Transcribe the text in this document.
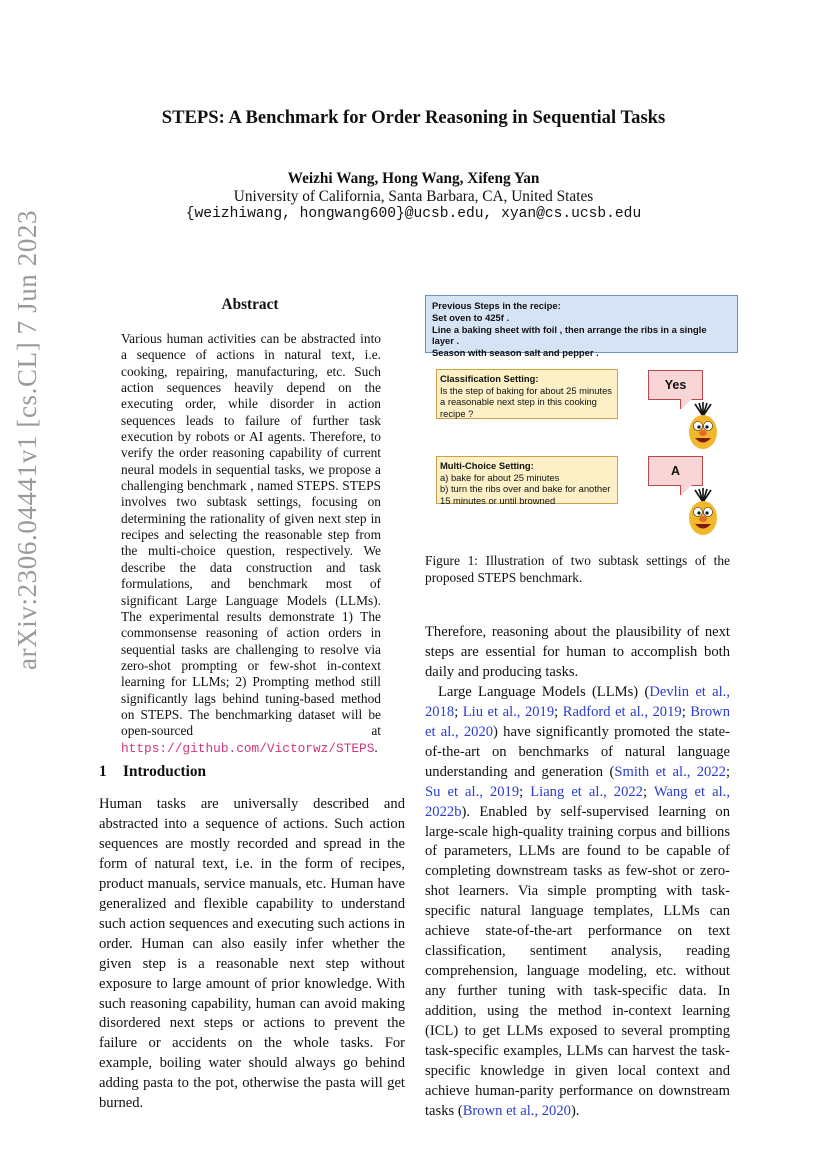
arXiv:2306.04441v1 [cs.CL] 7 Jun 2023
STEPS: A Benchmark for Order Reasoning in Sequential Tasks
Weizhi Wang, Hong Wang, Xifeng Yan
University of California, Santa Barbara, CA, United States
{weizhiwang, hongwang600}@ucsb.edu, xyan@cs.ucsb.edu
Abstract
Various human activities can be abstracted into a sequence of actions in natural text, i.e. cooking, repairing, manufacturing, etc. Such action sequences heavily depend on the executing order, while disorder in action sequences leads to failure of further task execution by robots or AI agents. Therefore, to verify the order reasoning capability of current neural models in sequential tasks, we propose a challenging benchmark , named STEPS. STEPS involves two subtask settings, focusing on determining the rationality of given next step in recipes and selecting the reasonable step from the multi-choice question, respectively. We describe the data construction and task formulations, and benchmark most of significant Large Language Models (LLMs). The experimental results demonstrate 1) The commonsense reasoning of action orders in sequential tasks are challenging to resolve via zero-shot prompting or few-shot in-context learning for LLMs; 2) Prompting method still significantly lags behind tuning-based method on STEPS. The benchmarking dataset will be open-sourced at https://github.com/Victorwz/STEPS.
1 Introduction
Human tasks are universally described and abstracted into a sequence of actions. Such action sequences are mostly recorded and spread in the form of natural text, i.e. in the form of recipes, product manuals, service manuals, etc. Human have generalized and flexible capability to understand such action sequences and executing such actions in order. Human can also easily infer whether the given step is a reasonable next step without exposure to large amount of prior knowledge. With such reasoning capability, human can avoid making disordered next steps or actions to prevent the failure or accidents on the whole tasks. For example, boiling water should always go behind adding pasta to the pot, otherwise the pasta will get burned.
Previous Steps in the recipe:
Set oven to 425f .
Line a baking sheet with foil , then arrange the ribs in a single layer .
Season with season salt and pepper .
Classification Setting:
Is the step of baking for about 25 minutes a reasonable next step in this cooking recipe ?
Yes
Multi-Choice Setting:
a) bake for about 25 minutes
b) turn the ribs over and bake for another 15 minutes or until browned
A
Figure 1: Illustration of two subtask settings of the proposed STEPS benchmark.

Therefore, reasoning about the plausibility of next steps are essential for human to accomplish both daily and producing tasks.

Large Language Models (LLMs) (Devlin et al., 2018; Liu et al., 2019; Radford et al., 2019; Brown et al., 2020) have significantly promoted the state-of-the-art on benchmarks of natural language understanding and generation (Smith et al., 2022; Su et al., 2019; Liang et al., 2022; Wang et al., 2022b). Enabled by self-supervised learning on large-scale high-quality training corpus and billions of parameters, LLMs are found to be capable of completing downstream tasks as few-shot or zero-shot learners. Via simple prompting with task-specific natural language templates, LLMs can achieve state-of-the-art performance on text classification, sentiment analysis, reading comprehension, language modeling, etc. without any further tuning with task-specific data. In addition, using the method in-context learning (ICL) to get LLMs exposed to several prompting task-specific examples, LLMs can harvest the task-specific knowledge in given local context and achieve human-parity performance on downstream tasks (Brown et al., 2020).
